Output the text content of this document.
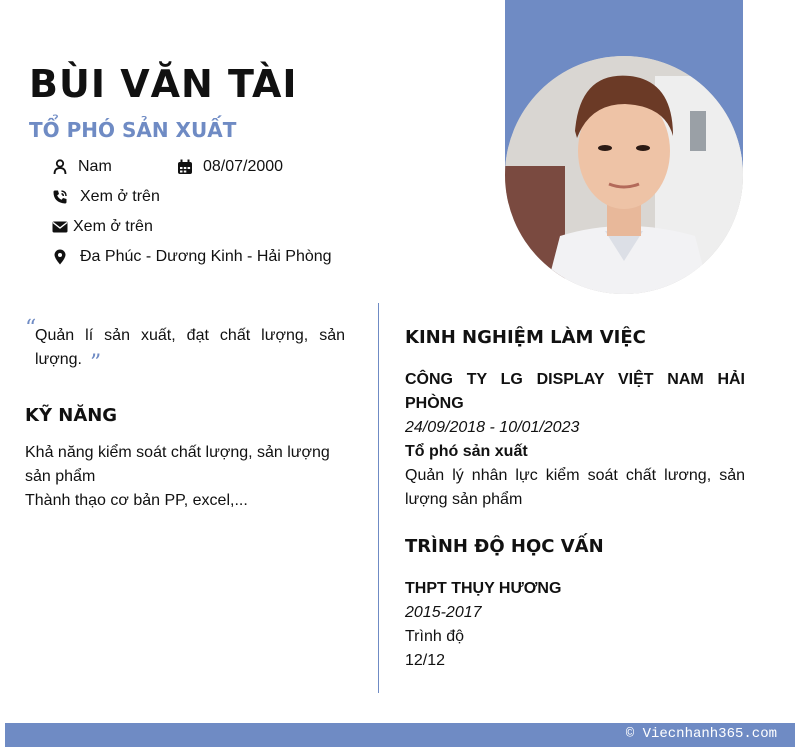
BÙI VĂN TÀI
TỔ PHÓ SẢN XUẤT
Nam	08/07/2000
Xem ở trên
Xem ở trên
Đa Phúc - Dương Kinh - Hải Phòng
“

Quản lí sản xuất, đạt chất lượng, sản lượng. ”

KỸ NĂNG

Khả năng kiểm soát chất lượng, sản lượng sản phẩm

Thành thạo cơ bản PP, excel,...

KINH NGHIỆM LÀM VIỆC

CÔNG TY LG DISPLAY VIỆT NAM HẢI PHÒNG

24/09/2018 - 10/01/2023

Tổ phó sản xuất

Quản lý nhân lực kiểm soát chất lương, sản lượng sản phẩm

TRÌNH ĐỘ HỌC VẤN

THPT THỤY HƯƠNG

2015-2017

Trình độ

12/12

© Viecnhanh365.com
